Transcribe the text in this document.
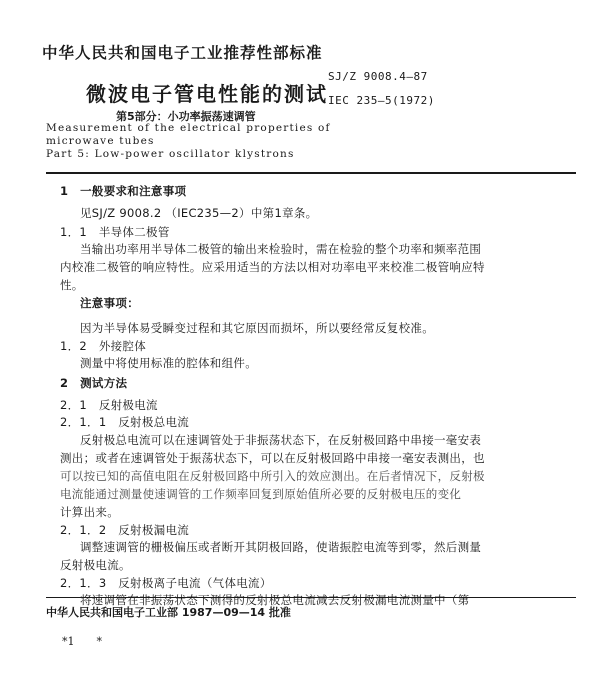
中华人民共和国电子工业推荐性部标准
SJ/Z 9008.4—87
IEC 235—5(1972)
微波电子管电性能的测试
第5部分：小功率振荡速调管
Measurement of the electrical properties of
microwave tubes
Part 5: Low-power oscillator klystrons
1　一般要求和注意事项
见SJ/Z 9008.2 （IEC235—2）中第1章条。
1．1　半导体二极管
当输出功率用半导体二极管的输出来检验时，需在检验的整个功率和频率范围
内校准二极管的响应特性。应采用适当的方法以相对功率电平来校准二极管响应特
性。
注意事项：
因为半导体易受瞬变过程和其它原因而损坏，所以要经常反复校准。
1．2　外接腔体
测量中将使用标准的腔体和组件。
2　测试方法
2．1　反射极电流
2．1．1　反射极总电流
反射极总电流可以在速调管处于非振荡状态下，在反射极回路中串接一毫安表
测出；或者在速调管处于振荡状态下，可以在反射极回路中串接一毫安表测出，也
可以按已知的高值电阻在反射极回路中所引入的效应测出。在后者情况下，反射极
电流能通过测量使速调管的工作频率回复到原始值所必要的反射极电压的变化
计算出来。
2．1．2　反射极漏电流
调整速调管的栅极偏压或者断开其阴极回路，使谐振腔电流等到零，然后测量
反射极电流。
2．1．3　反射极离子电流（气体电流）
将速调管在非振荡状态下测得的反射极总电流减去反射极漏电流测量中（第
中华人民共和国电子工业部 1987—09—14 批准
*1　　*
